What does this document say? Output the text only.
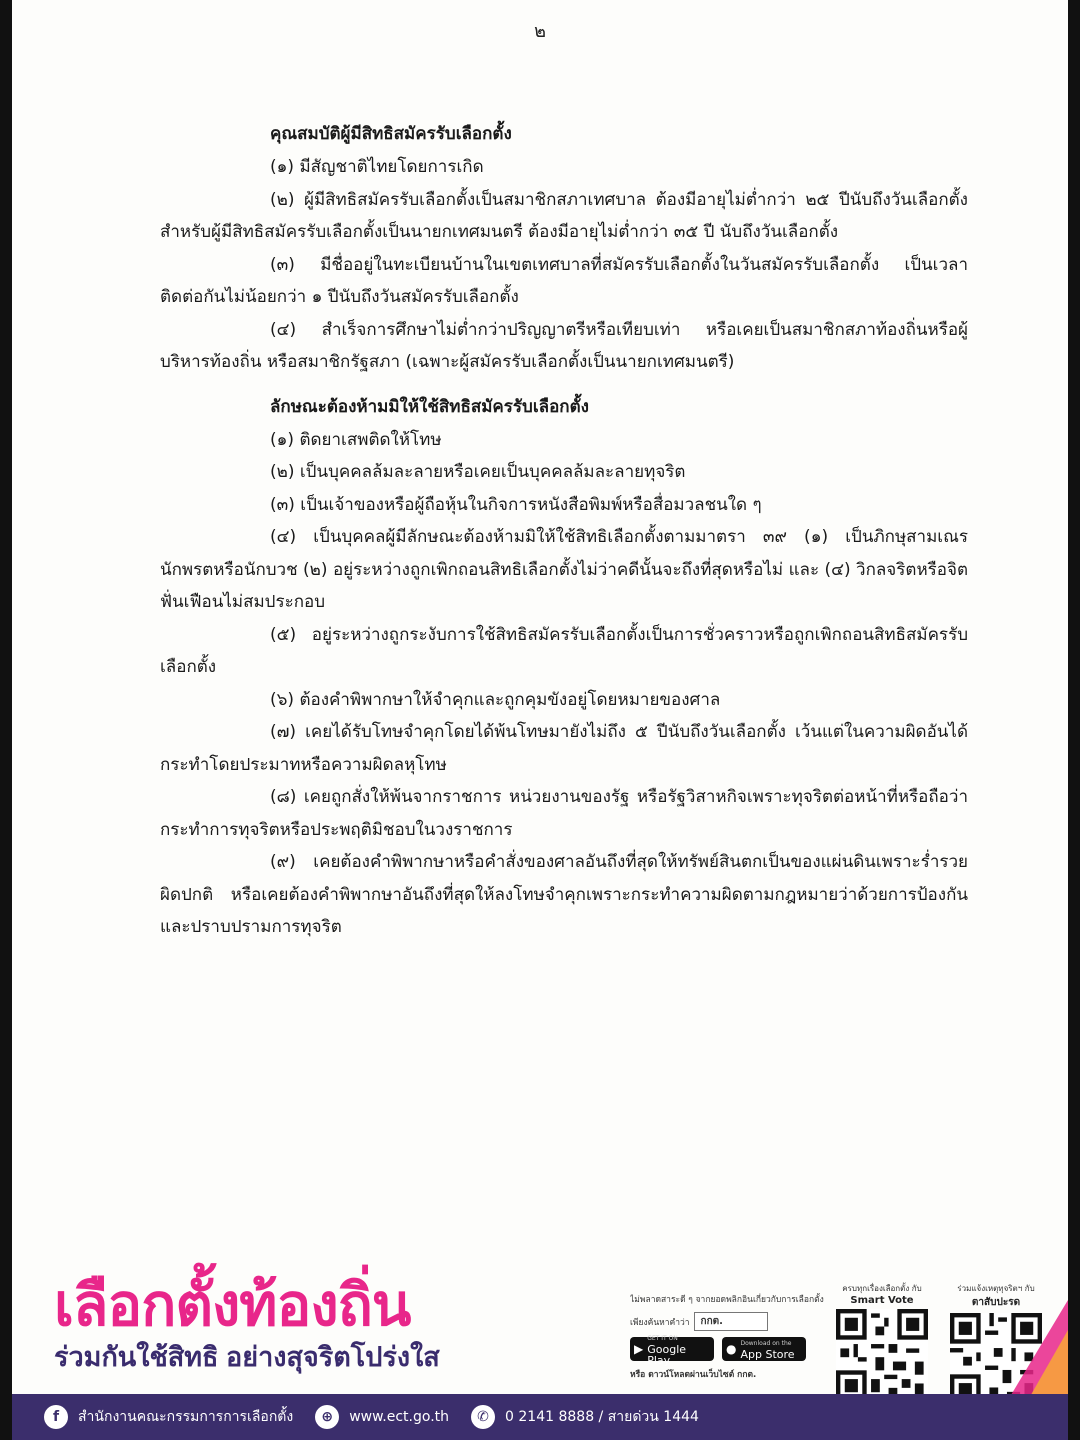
๒
คุณสมบัติผู้มีสิทธิสมัครรับเลือกตั้ง

(๑) มีสัญชาติไทยโดยการเกิด

(๒) ผู้มีสิทธิสมัครรับเลือกตั้งเป็นสมาชิกสภาเทศบาล ต้องมีอายุไม่ต่ำกว่า ๒๕ ปีนับถึงวันเลือกตั้ง สำหรับผู้มีสิทธิสมัครรับเลือกตั้งเป็นนายกเทศมนตรี ต้องมีอายุไม่ต่ำกว่า ๓๕ ปี นับถึงวันเลือกตั้ง

(๓) มีชื่ออยู่ในทะเบียนบ้านในเขตเทศบาลที่สมัครรับเลือกตั้งในวันสมัครรับเลือกตั้ง เป็นเวลาติดต่อกันไม่น้อยกว่า ๑ ปีนับถึงวันสมัครรับเลือกตั้ง

(๔) สำเร็จการศึกษาไม่ต่ำกว่าปริญญาตรีหรือเทียบเท่า หรือเคยเป็นสมาชิกสภาท้องถิ่นหรือผู้บริหารท้องถิ่น หรือสมาชิกรัฐสภา (เฉพาะผู้สมัครรับเลือกตั้งเป็นนายกเทศมนตรี)

ลักษณะต้องห้ามมิให้ใช้สิทธิสมัครรับเลือกตั้ง

(๑) ติดยาเสพติดให้โทษ

(๒) เป็นบุคคลล้มละลายหรือเคยเป็นบุคคลล้มละลายทุจริต

(๓) เป็นเจ้าของหรือผู้ถือหุ้นในกิจการหนังสือพิมพ์หรือสื่อมวลชนใด ๆ

(๔) เป็นบุคคลผู้มีลักษณะต้องห้ามมิให้ใช้สิทธิเลือกตั้งตามมาตรา ๓๙ (๑) เป็นภิกษุสามเณร นักพรตหรือนักบวช (๒) อยู่ระหว่างถูกเพิกถอนสิทธิเลือกตั้งไม่ว่าคดีนั้นจะถึงที่สุดหรือไม่ และ (๔) วิกลจริตหรือจิตฟั่นเฟือนไม่สมประกอบ

(๕) อยู่ระหว่างถูกระงับการใช้สิทธิสมัครรับเลือกตั้งเป็นการชั่วคราวหรือถูกเพิกถอนสิทธิสมัครรับเลือกตั้ง

(๖) ต้องคำพิพากษาให้จำคุกและถูกคุมขังอยู่โดยหมายของศาล

(๗) เคยได้รับโทษจำคุกโดยได้พ้นโทษมายังไม่ถึง ๕ ปีนับถึงวันเลือกตั้ง เว้นแต่ในความผิดอันได้กระทำโดยประมาทหรือความผิดลหุโทษ

(๘) เคยถูกสั่งให้พ้นจากราชการ หน่วยงานของรัฐ หรือรัฐวิสาหกิจเพราะทุจริตต่อหน้าที่หรือถือว่ากระทำการทุจริตหรือประพฤติมิชอบในวงราชการ

(๙) เคยต้องคำพิพากษาหรือคำสั่งของศาลอันถึงที่สุดให้ทรัพย์สินตกเป็นของแผ่นดินเพราะร่ำรวยผิดปกติ หรือเคยต้องคำพิพากษาอันถึงที่สุดให้ลงโทษจำคุกเพราะกระทำความผิดตามกฎหมายว่าด้วยการป้องกันและปราบปรามการทุจริต

เลือกตั้งท้องถิ่น
ร่วมกันใช้สิทธิ อย่างสุจริตโปร่งใส
ไม่พลาดสาระดี ๆ จากยอดพลิกอินเกี่ยวกับการเลือกตั้ง
เพียงค้นหาคำว่า	กกต.
▶
GET IT ON
Google Play
● Download on the
App Store
หรือ ดาวน์โหลดผ่านเว็บไซต์ กกต.
ครบทุกเรื่องเลือกตั้ง กับ
Smart Vote
ร่วมแจ้งเหตุทุจริตฯ กับ
ตาสับปะรด
f	สำนักงานคณะกรรมการการเลือกตั้ง	⊕	www.ect.go.th	✆	0 2141 8888 / สายด่วน 1444
